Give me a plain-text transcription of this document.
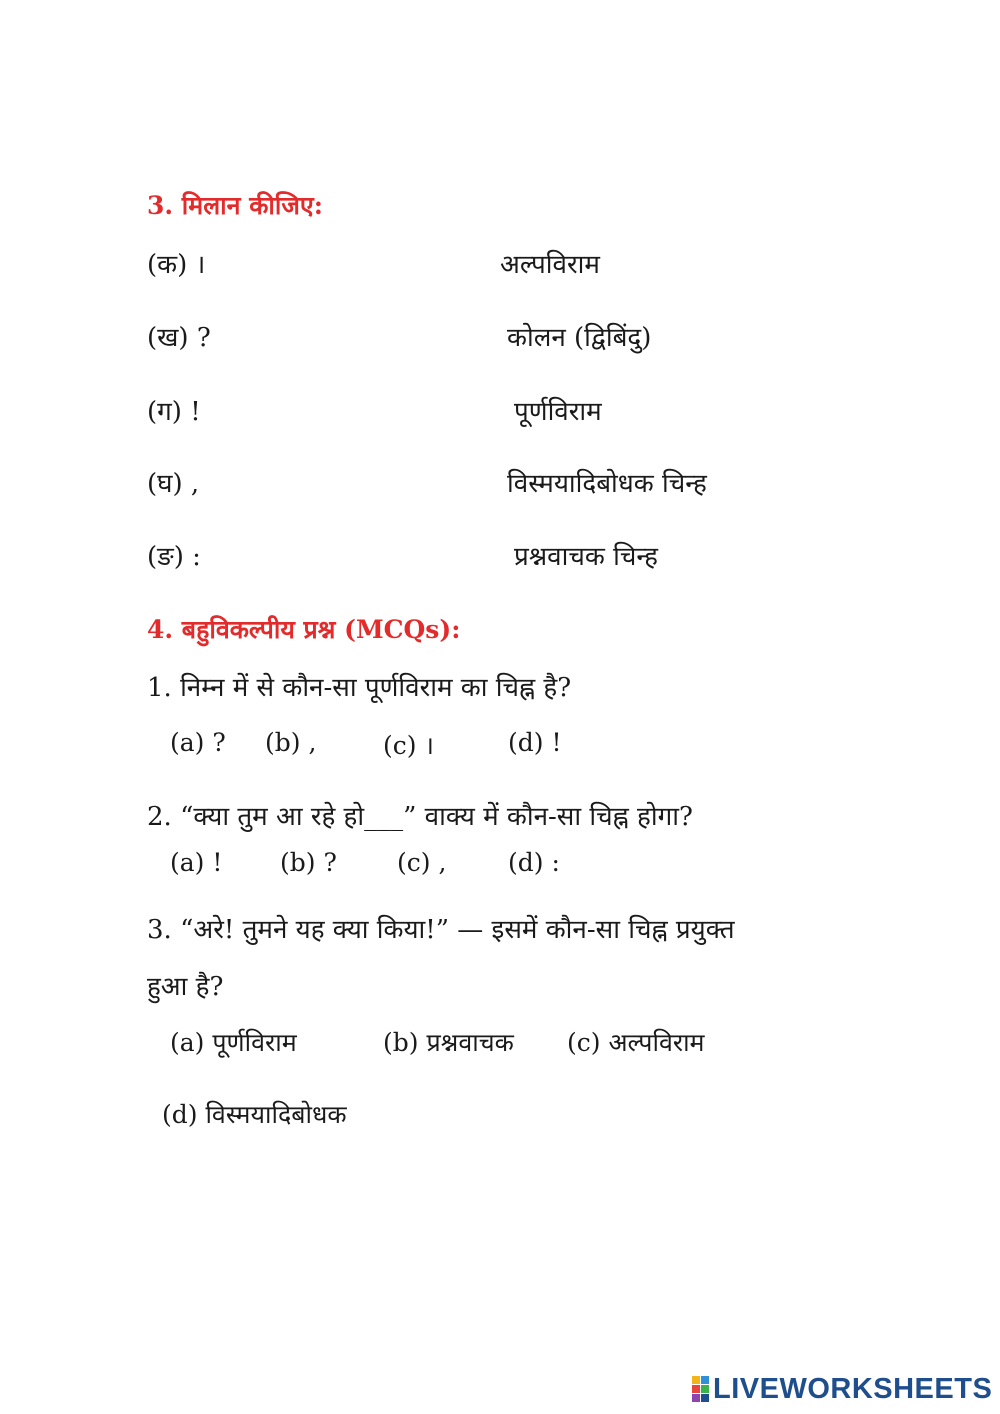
3. मिलान कीजिए:
(क) ।	अल्पविराम
(ख) ?	कोलन (द्विबिंदु)
(ग) !	पूर्णविराम
(घ) ,	विस्मयादिबोधक चिन्ह
(ङ) :	प्रश्नवाचक चिन्ह
4. बहुविकल्पीय प्रश्न (MCQs):
1. निम्न में से कौन-सा पूर्णविराम का चिह्न है?
(a) ? (b) ,	(c) ।	(d) !
2. “क्या तुम आ रहे हो___” वाक्य में कौन-सा चिह्न होगा?
(a) ! (b) ? (c) , (d) :
3. “अरे! तुमने यह क्या किया!” — इसमें कौन-सा चिह्न प्रयुक्त
हुआ है?
(a) पूर्णविराम	(b) प्रश्नवाचक (c) अल्पविराम
(d) विस्मयादिबोधक
LIVEWORKSHEETS
